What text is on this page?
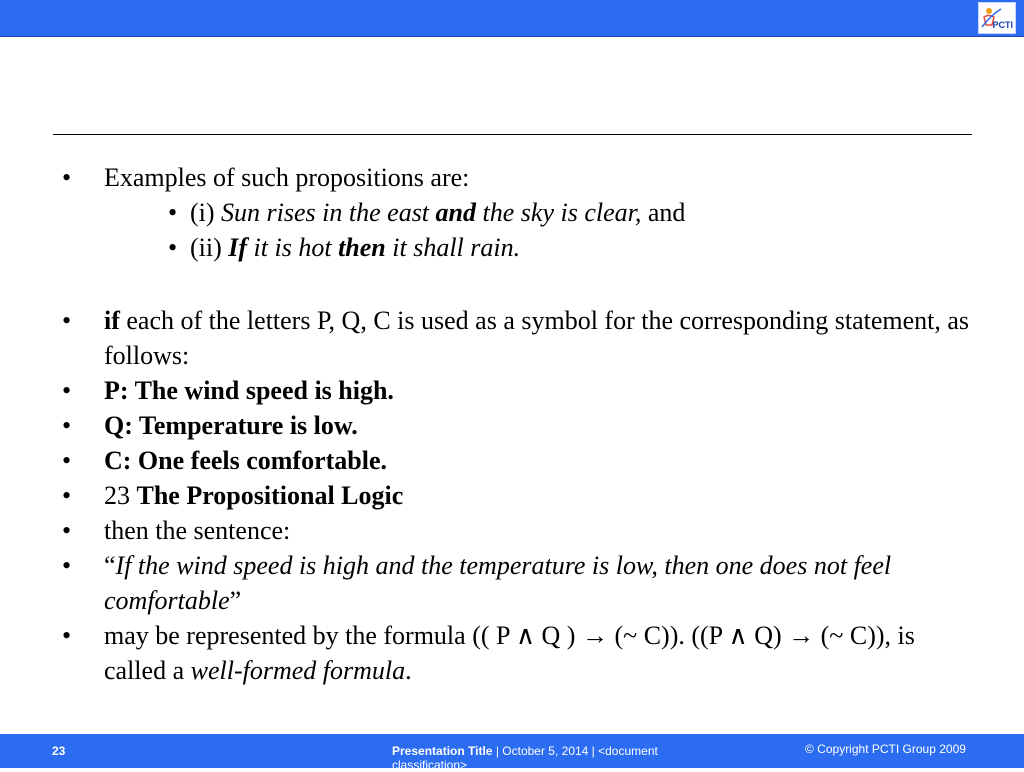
PCTI
•	Examples of such propositions are:
• (i) Sun rises in the east and the sky is clear, and
• (ii) If it is hot then it shall rain.
•	if each of the letters P, Q, C is used as a symbol for the corresponding statement, as follows:
•	P: The wind speed is high.
•	Q: Temperature is low.
•	C: One feels comfortable.
•	23 The Propositional Logic
•	then the sentence:
•	“If the wind speed is high and the temperature is low, then one does not feel comfortable”
•	may be represented by the formula (( P ∧ Q ) → (~ C)). ((P ∧ Q) → (~ C)), is called a well-formed formula.
23	Presentation Title | October 5, 2014 | <document classification>
© Copyright PCTI Group 2009
